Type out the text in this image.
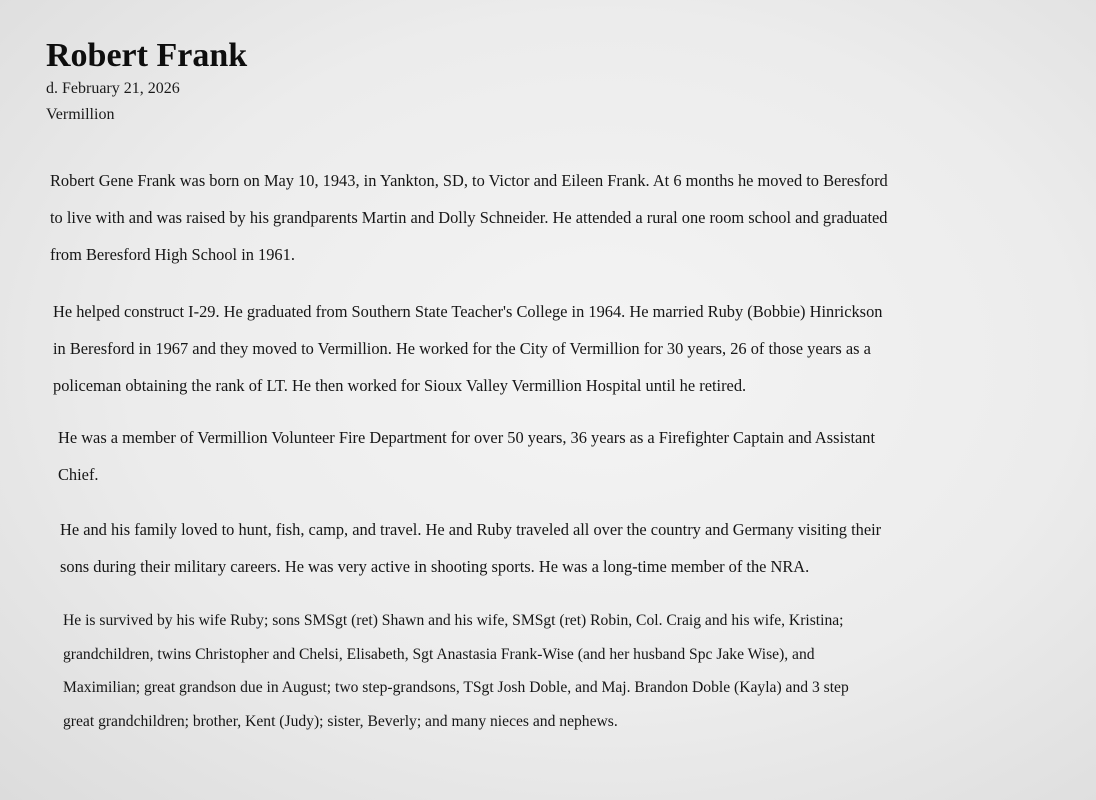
Robert Frank
d. February 21, 2026
Vermillion

Robert Gene Frank was born on May 10, 1943, in Yankton, SD, to Victor and Eileen Frank. At 6 months he moved to Beresford
to live with and was raised by his grandparents Martin and Dolly Schneider. He attended a rural one room school and graduated
from Beresford High School in 1961.

He helped construct I-29. He graduated from Southern State Teacher's College in 1964. He married Ruby (Bobbie) Hinrickson
in Beresford in 1967 and they moved to Vermillion. He worked for the City of Vermillion for 30 years, 26 of those years as a
policeman obtaining the rank of LT. He then worked for Sioux Valley Vermillion Hospital until he retired.

He was a member of Vermillion Volunteer Fire Department for over 50 years, 36 years as a Firefighter Captain and Assistant
Chief.

He and his family loved to hunt, fish, camp, and travel. He and Ruby traveled all over the country and Germany visiting their
sons during their military careers. He was very active in shooting sports. He was a long-time member of the NRA.

He is survived by his wife Ruby; sons SMSgt (ret) Shawn and his wife, SMSgt (ret) Robin, Col. Craig and his wife, Kristina;
grandchildren, twins Christopher and Chelsi, Elisabeth, Sgt Anastasia Frank-Wise (and her husband Spc Jake Wise), and
Maximilian; great grandson due in August; two step-grandsons, TSgt Josh Doble, and Maj. Brandon Doble (Kayla) and 3 step
great grandchildren; brother, Kent (Judy); sister, Beverly; and many nieces and nephews.
